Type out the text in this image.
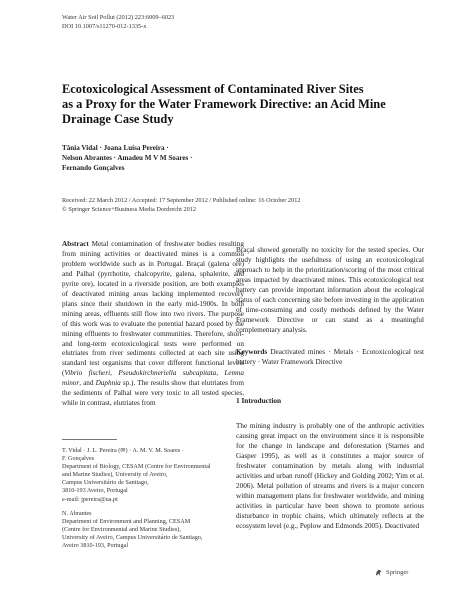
Water Air Soil Pollut (2012) 223:6009–6023
DOI 10.1007/s11270-012-1335-x
Ecotoxicological Assessment of Contaminated River Sites
as a Proxy for the Water Framework Directive: an Acid Mine
Drainage Case Study
Tânia Vidal · Joana Luísa Pereira ·
Nelson Abrantes · Amadeu M V M Soares ·
Fernando Gonçalves
Received: 22 March 2012 / Accepted: 17 September 2012 / Published online: 16 October 2012
© Springer Science+Business Media Dordrecht 2012

Abstract Metal contamination of freshwater bodies resulting from mining activities or deactivated mines is a common problem worldwide such as in Portugal. Braçal (galena ore) and Palhal (pyrrhotite, chalcopyrite, galena, sphalerite, and pyrite ore), located in a riverside position, are both examples of deactivated mining areas lacking implemented recovery plans since their shutdown in the early mid-1900s. In both mining areas, effluents still flow into two rivers. The purpose of this work was to evaluate the potential hazard posed by the mining effluents to freshwater communities. Therefore, short- and long-term ecotoxicological tests were performed on elutriates from river sediments collected at each site using standard test organisms that cover different functional levels (Vibrio fischeri, Pseudokirchneriella subcapitata, Lemna minor, and Daphnia sp.). The results show that elutriates from the sediments of Palhal were very toxic to all tested species, while in contrast, elutriates from

T. Vidal · J. L. Pereira (✉) · A. M. V. M. Soares ·
F. Gonçalves
Department of Biology, CESAM (Centre for Environmental
and Marine Studies), University of Aveiro,
Campus Universitário de Santiago,
3810-193 Aveiro, Portugal
e-mail: jpereira@ua.pt
N. Abrantes
Department of Environment and Planning, CESAM
(Centre for Environmental and Marine Studies),
University of Aveiro, Campus Universitário de Santiago,
Aveiro 3810-193, Portugal

Braçal showed generally no toxicity for the tested species. Our study highlights the usefulness of using an ecotoxicological approach to help in the prioritization/scoring of the most critical areas impacted by deactivated mines. This ecotoxicological test battery can provide important information about the ecological status of each concerning site before investing in the application of time-consuming and costly methods defined by the Water Framework Directive or can stand as a meaningful complementary analysis.

Keywords Deactivated mines · Metals · Ecotoxicological test battery · Water Framework Directive

1 Introduction
The mining industry is probably one of the anthropic activities causing great impact on the environment since it is responsible for the change in landscape and deforestation (Starnes and Gasper 1995), as well as it constitutes a major source of freshwater contamination by metals along with industrial activities and urban runoff (Hickey and Golding 2002; Yim et al. 2006). Metal pollution of streams and rivers is a major concern within management plans for freshwater worldwide, and mining activities in particular have been shown to promote serious disturbance in trophic chains, which ultimately reflects at the ecosystem level (e.g., Peplow and Edmonds 2005). Deactivated
Springer
